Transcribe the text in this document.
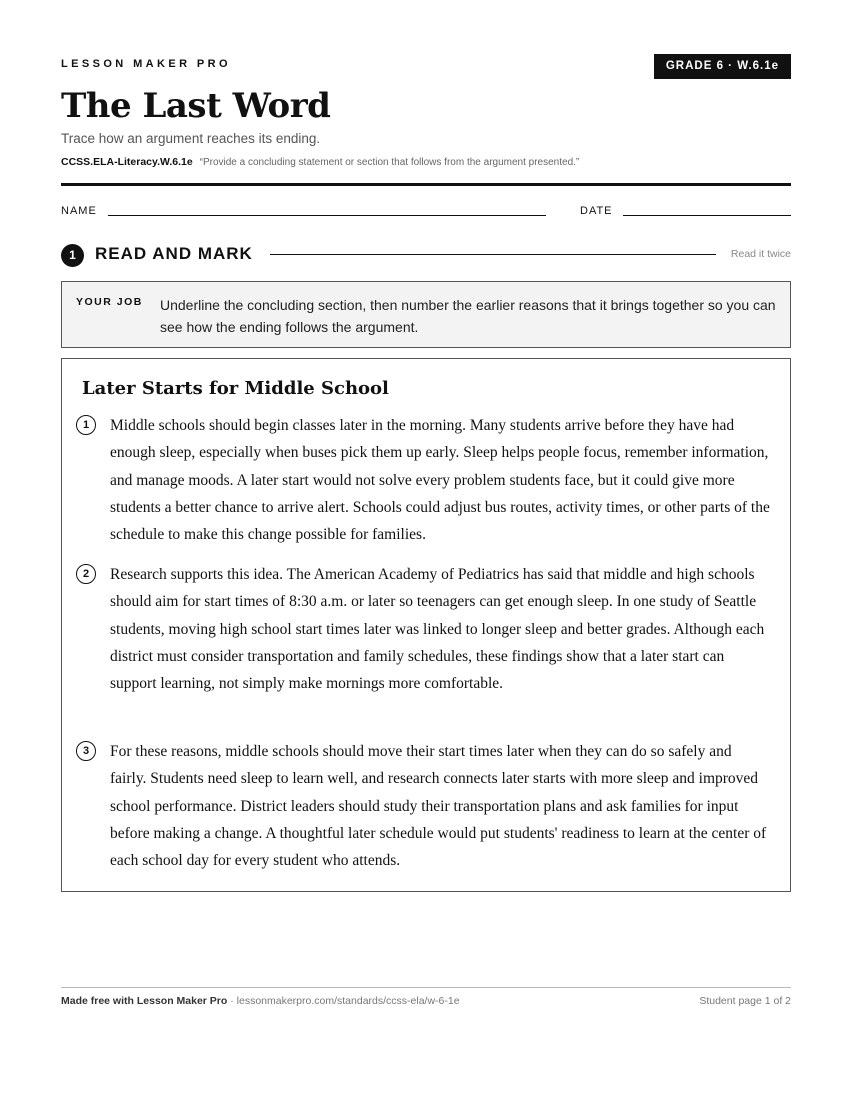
LESSON MAKER PRO	GRADE 6 · W.6.1e
The Last Word
Trace how an argument reaches its ending.
CCSS.ELA-Literacy.W.6.1e “Provide a concluding statement or section that follows from the argument presented.”
NAME	DATE
1	READ AND MARK	Read it twice
YOUR JOB Underline the concluding section, then number the earlier reasons that it brings together so you can see how the ending follows the argument.
Later Starts for Middle School
1	Middle schools should begin classes later in the morning. Many students arrive before they have had enough sleep, especially when buses pick them up early. Sleep helps people focus, remember information, and manage moods. A later start would not solve every problem students face, but it could give more students a better chance to arrive alert. Schools could adjust bus routes, activity times, or other parts of the schedule to make this change possible for families.
2	Research supports this idea. The American Academy of Pediatrics has said that middle and high schools should aim for start times of 8:30 a.m. or later so teenagers can get enough sleep. In one study of Seattle students, moving high school start times later was linked to longer sleep and better grades. Although each district must consider transportation and family schedules, these findings show that a later start can support learning, not simply make mornings more comfortable.
3	For these reasons, middle schools should move their start times later when they can do so safely and fairly. Students need sleep to learn well, and research connects later starts with more sleep and improved school performance. District leaders should study their transportation plans and ask families for input before making a change. A thoughtful later schedule would put students' readiness to learn at the center of each school day for every student who attends.
Made free with Lesson Maker Pro · lessonmakerpro.com/standards/ccss-ela/w-6-1e	Student page 1 of 2
